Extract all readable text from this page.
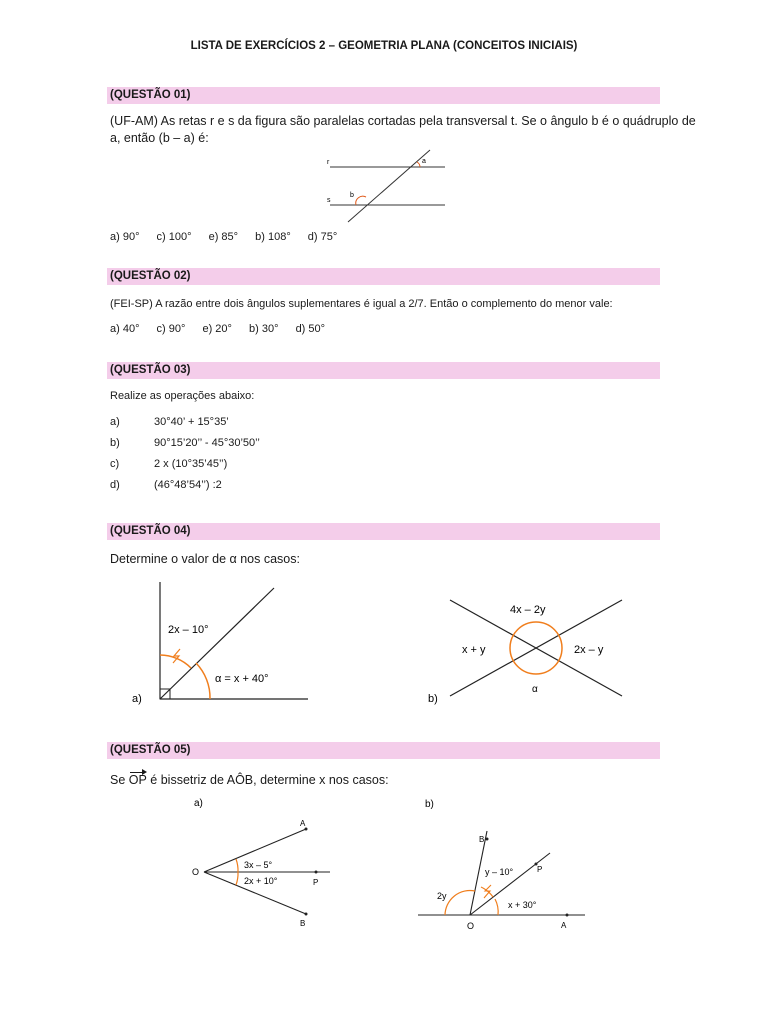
LISTA DE EXERCÍCIOS 2 – GEOMETRIA PLANA (CONCEITOS INICIAIS)
(QUESTÃO 01)
(UF-AM) As retas r e s da figura são paralelas cortadas pela transversal t. Se o ângulo b é o quádruplo de
a, então (b – a) é:
r
s
a
b
a) 90° c) 100° e) 85° b) 108° d) 75°
(QUESTÃO 02)
(FEI-SP) A razão entre dois ângulos suplementares é igual a 2/7. Então o complemento do menor vale:
a) 40° c) 90° e) 20° b) 30° d) 50°
(QUESTÃO 03)
Realize as operações abaixo:
a)	30°40’ + 15°35’
b)	90°15’20’’ - 45°30’50’’
c)	2 x (10°35’45’’)
d)	(46°48’54’’) :2
(QUESTÃO 04)
Determine o valor de α nos casos:
a)
2x – 10°
α = x + 40°
b)
4x – 2y
x + y	2x – y
α
(QUESTÃO 05)
Se OP é bissetriz de AÔB, determine x nos casos:
a)
O
A
P
B
3x – 5°
2x + 10°
b)
O	A
B
P
2y
y – 10°
x + 30°
